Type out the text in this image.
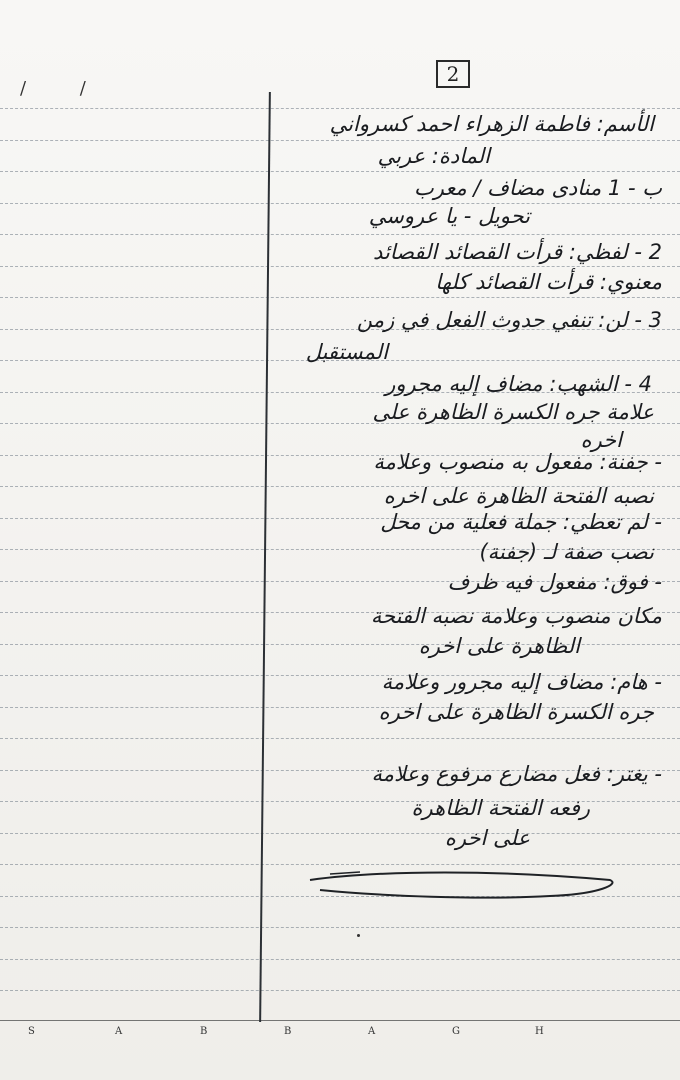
/ /
2
الأسم: فاطمة الزهراء احمد كسرواني
المادة: عربي
ب - 1 منادى مضاف / معرب
تحويل - يا عروسي
2 - لفظي: قرأت القصائد القصائد
معنوي: قرأت القصائد كلها
3 - لن: تنفي حدوث الفعل في زمن
المستقبل
4 - الشهب: مضاف إليه مجرور
علامة جره الكسرة الظاهرة على
اخره
- جفنة: مفعول به منصوب وعلامة
نصبه الفتحة الظاهرة على اخره
- لم تعطي: جملة فعلية من محل
نصب صفة لـ (جفنة)
- فوق: مفعول فيه ظرف
مكان منصوب وعلامة نصبه الفتحة
الظاهرة على اخره
- هام: مضاف إليه مجرور وعلامة
جره الكسرة الظاهرة على اخره
- يغتر: فعل مضارع مرفوع وعلامة
رفعه الفتحة الظاهرة
على اخره
S	A	B	B	A	G	H
